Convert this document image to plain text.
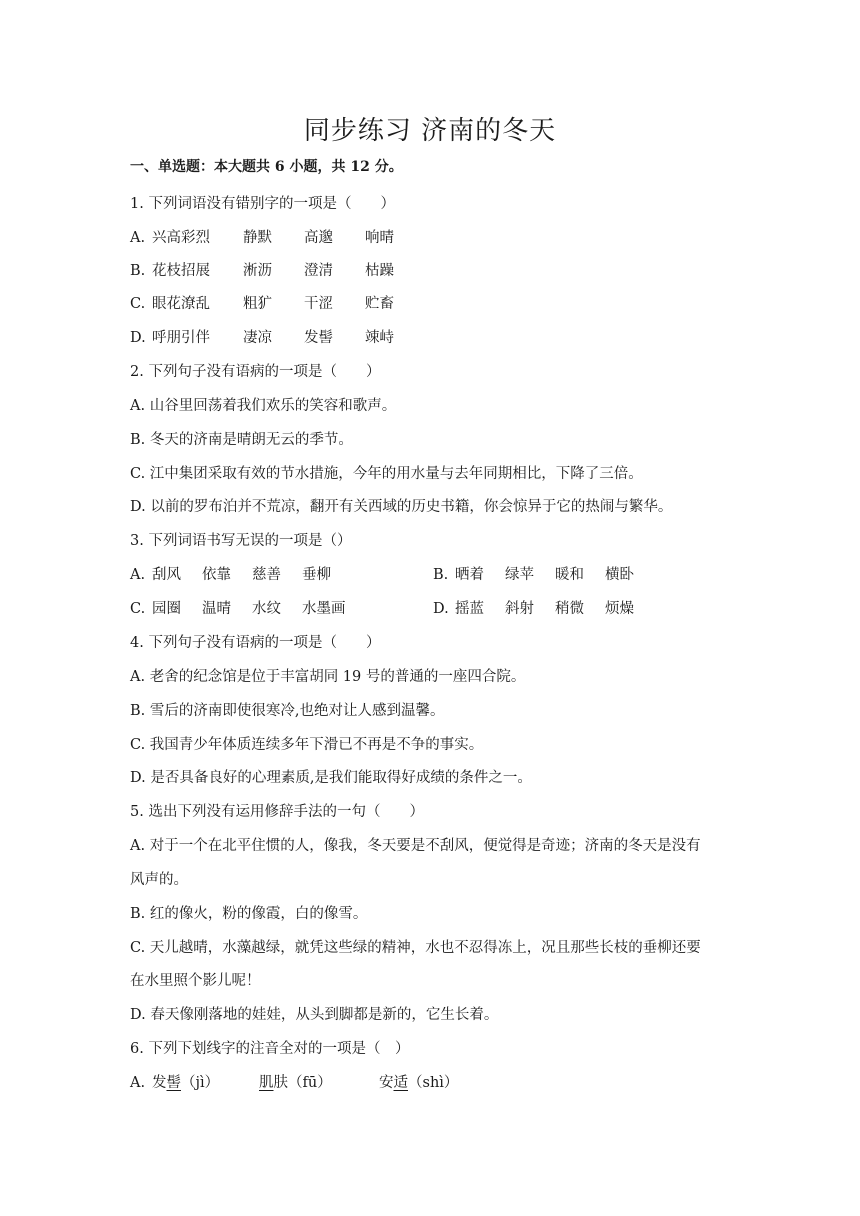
同步练习 济南的冬天
一、单选题：本大题共 6 小题，共 12 分。
1. 下列词语没有错别字的一项是（　　）
A. 兴高彩烈 静默 高邈 响晴
B. 花枝招展 淅沥 澄清 枯躁
C. 眼花潦乱 粗犷 干涩 贮畜
D. 呼朋引伴 凄凉 发髻 竦峙
2. 下列句子没有语病的一项是（　　）
A. 山谷里回荡着我们欢乐的笑容和歌声。
B. 冬天的济南是晴朗无云的季节。
C. 江中集团采取有效的节水措施，今年的用水量与去年同期相比，下降了三倍。
D. 以前的罗布泊并不荒凉，翻开有关西域的历史书籍，你会惊异于它的热闹与繁华。
3. 下列词语书写无误的一项是（）
A. 刮风 依靠 慈善 垂柳	B. 晒着 绿苹 暖和 横卧
C. 园圈 温晴 水纹 水墨画	D. 摇蓝 斜射 稍微 烦燥
4. 下列句子没有语病的一项是（　　）
A. 老舍的纪念馆是位于丰富胡同 19 号的普通的一座四合院。
B. 雪后的济南即使很寒冷,也绝对让人感到温馨。
C. 我国青少年体质连续多年下滑已不再是不争的事实。
D. 是否具备良好的心理素质,是我们能取得好成绩的条件之一。
5. 选出下列没有运用修辞手法的一句（　　）
A. 对于一个在北平住惯的人，像我，冬天要是不刮风，便觉得是奇迹；济南的冬天是没有
风声的。
B. 红的像火，粉的像霞，白的像雪。
C. 天儿越晴，水藻越绿，就凭这些绿的精神，水也不忍得冻上，况且那些长枝的垂柳还要
在水里照个影儿呢！
D. 春天像刚落地的娃娃，从头到脚都是新的，它生长着。
6. 下列下划线字的注音全对的一项是（　）
A. 发髻（jì）	肌肤（fū）	安适（shì）
